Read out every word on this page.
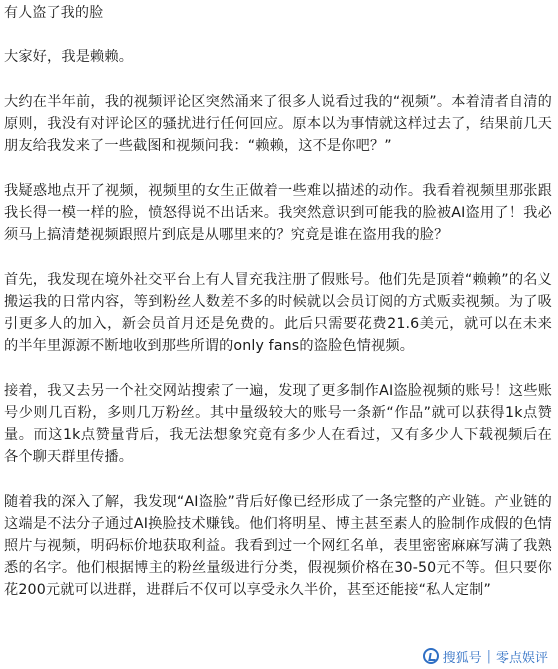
有人盗了我的脸

大家好，我是赖赖。

大约在半年前，我的视频评论区突然涌来了很多人说看过我的“视频”。本着清者自清的原则，我没有对评论区的骚扰进行任何回应。原本以为事情就这样过去了，结果前几天朋友给我发来了一些截图和视频问我：“赖赖，这不是你吧？”

我疑惑地点开了视频，视频里的女生正做着一些难以描述的动作。我看着视频里那张跟我长得一模一样的脸，愤怒得说不出话来。我突然意识到可能我的脸被AI盗用了！我必须马上搞清楚视频跟照片到底是从哪里来的？究竟是谁在盗用我的脸？

首先，我发现在境外社交平台上有人冒充我注册了假账号。他们先是顶着“赖赖”的名义搬运我的日常内容，等到粉丝人数差不多的时候就以会员订阅的方式贩卖视频。为了吸引更多人的加入，新会员首月还是免费的。此后只需要花费21.6美元，就可以在未来的半年里源源不断地收到那些所谓的only fans的盗脸色情视频。

接着，我又去另一个社交网站搜索了一遍，发现了更多制作AI盗脸视频的账号！这些账号少则几百粉，多则几万粉丝。其中量级较大的账号一条新“作品”就可以获得1k点赞量。而这1k点赞量背后，我无法想象究竟有多少人在看过，又有多少人下载视频后在各个聊天群里传播。

随着我的深入了解，我发现“AI盗脸”背后好像已经形成了一条完整的产业链。产业链的这端是不法分子通过AI换脸技术赚钱。他们将明星、博主甚至素人的脸制作成假的色情照片与视频，明码标价地获取利益。我看到过一个网红名单，表里密密麻麻写满了我熟悉的名字。他们根据博主的粉丝量级进行分类，假视频价格在30-50元不等。但只要你花200元就可以进群，进群后不仅可以享受永久半价，甚至还能接“私人定制”

搜狐号 | 零点娱评
